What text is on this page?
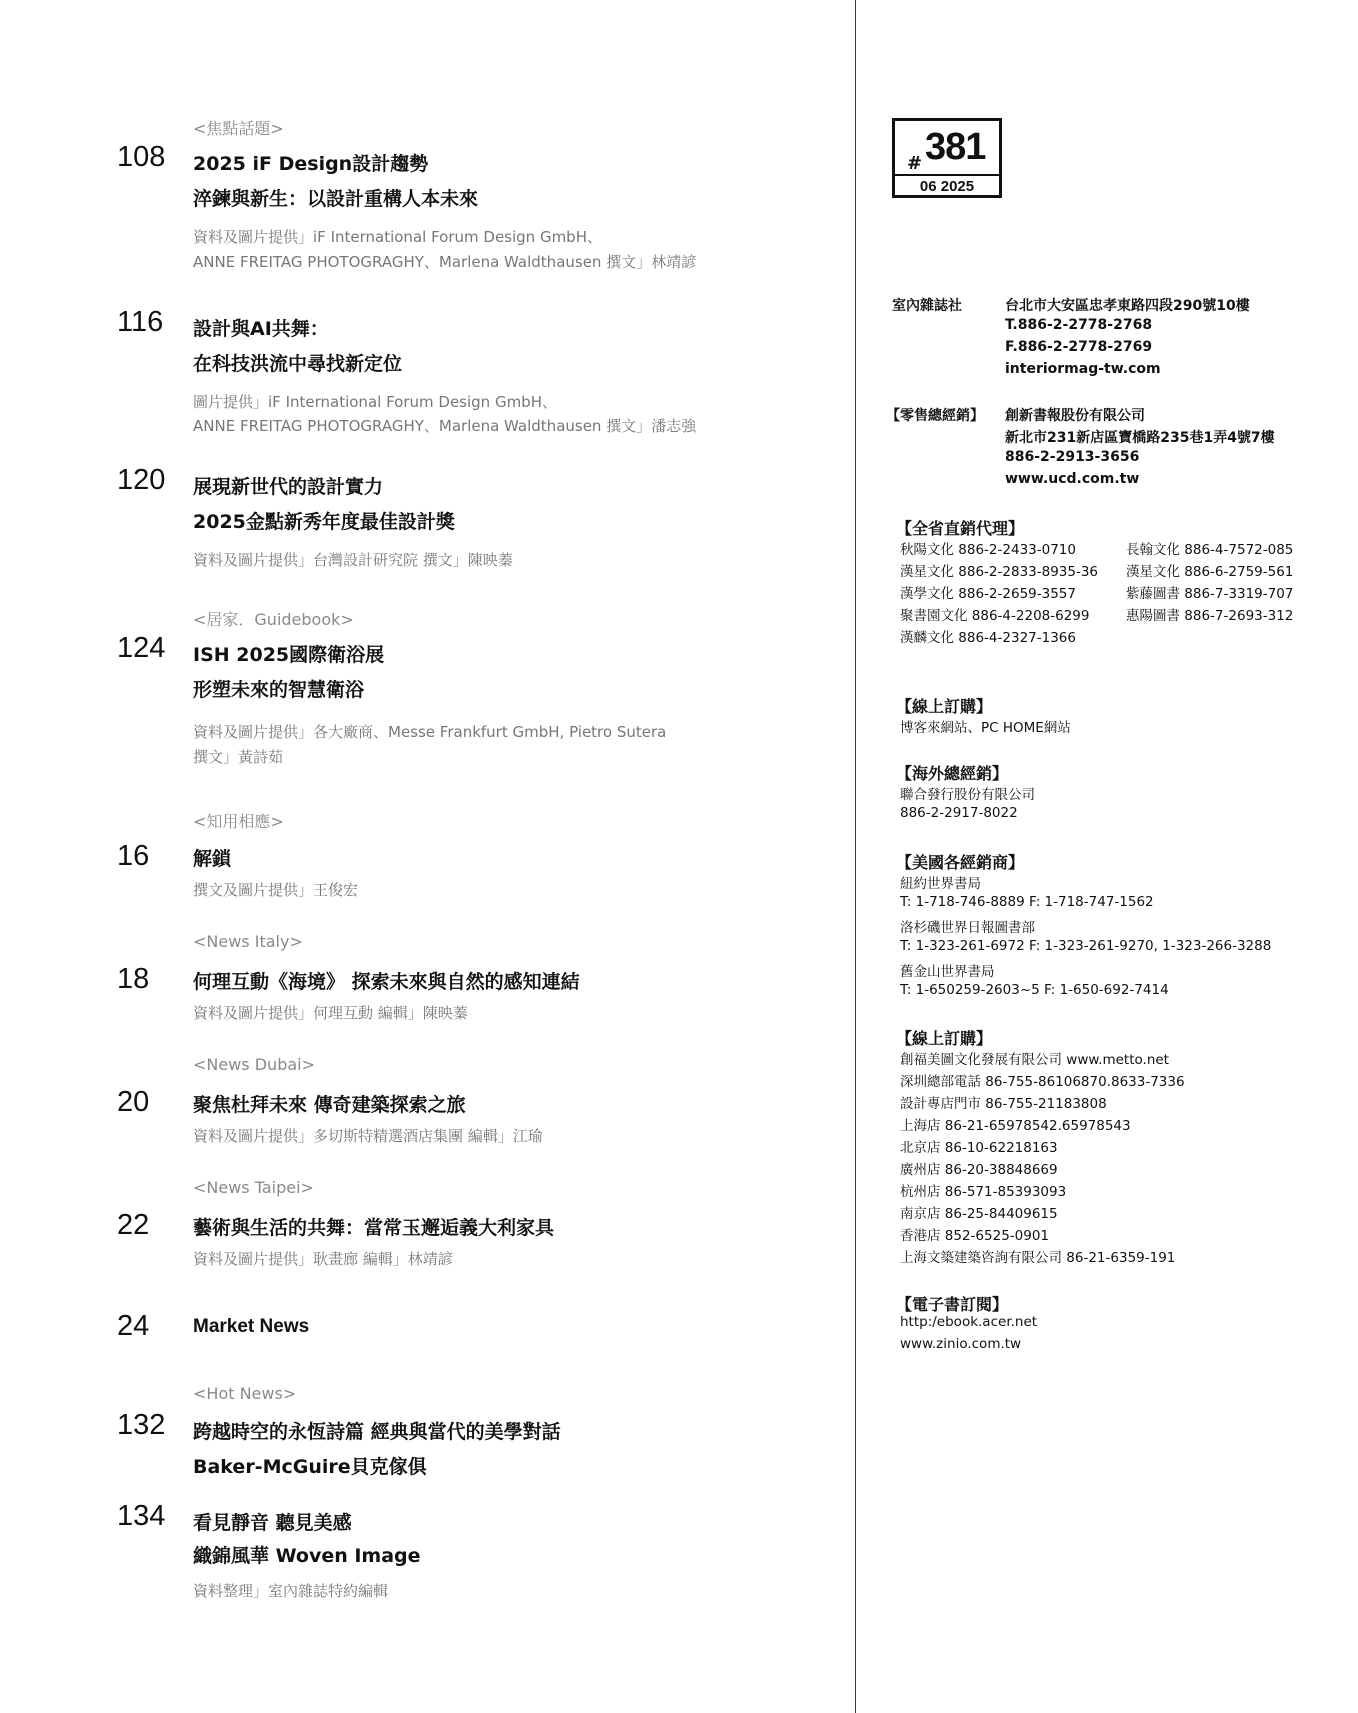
<焦點話題>
108 2025 iF Design設計趨勢
淬鍊與新生：以設計重構人本未來
資料及圖片提供」iF International Forum Design GmbH、
ANNE FREITAG PHOTOGRAGHY、Marlena Waldthausen 撰文」林靖諺
116 設計與AI共舞：
在科技洪流中尋找新定位
圖片提供」iF International Forum Design GmbH、
ANNE FREITAG PHOTOGRAGHY、Marlena Waldthausen 撰文」潘志強
120 展現新世代的設計實力
2025金點新秀年度最佳設計獎
資料及圖片提供」台灣設計研究院 撰文」陳映蓁
<居家．Guidebook>
124 ISH 2025國際衛浴展
形塑未來的智慧衛浴
資料及圖片提供」各大廠商、Messe Frankfurt GmbH, Pietro Sutera
撰文」黃詩茹
<知用相應>
16 解鎖
撰文及圖片提供」王俊宏
<News Italy>
18 何理互動《海境》 探索未來與自然的感知連結
資料及圖片提供」何理互動 編輯」陳映蓁
<News Dubai>
20 聚焦杜拜未來 傳奇建築探索之旅
資料及圖片提供」多切斯特精選酒店集團 編輯」江瑜
<News Taipei>
22 藝術與生活的共舞：當常玉邂逅義大利家具
資料及圖片提供」耿畫廊 編輯」林靖諺
24 Market News
<Hot News>
132 跨越時空的永恆詩篇 經典與當代的美學對話
Baker-McGuire貝克傢俱
134 看見靜音 聽見美感
織錦風華 Woven Image
資料整理」室內雜誌特約編輯
# 381
06 2025
室內雜誌社	台北市大安區忠孝東路四段290號10樓
T.886-2-2778-2768
F.886-2-2778-2769
interiormag-tw.com
【零售總經銷】 創新書報股份有限公司
新北市231新店區寶橋路235巷1弄4號7樓
886-2-2913-3656
www.ucd.com.tw
【全省直銷代理】
秋陽文化 886-2-2433-0710
漢星文化 886-2-2833-8935-36
漢學文化 886-2-2659-3557
聚書園文化 886-4-2208-6299
漢麟文化 886-4-2327-1366
長翰文化 886-4-7572-085
漢星文化 886-6-2759-561
紫藤圖書 886-7-3319-707
惠陽圖書 886-7-2693-312
【線上訂購】
博客來網站、PC HOME網站
【海外總經銷】
聯合發行股份有限公司
886-2-2917-8022
【美國各經銷商】
紐約世界書局
T: 1-718-746-8889 F: 1-718-747-1562
洛杉磯世界日報圖書部
T: 1-323-261-6972 F: 1-323-261-9270, 1-323-266-3288
舊金山世界書局
T: 1-650259-2603~5 F: 1-650-692-7414
【線上訂購】
創福美圖文化發展有限公司 www.metto.net
深圳總部電話 86-755-86106870.8633-7336
設計專店門市 86-755-21183808
上海店 86-21-65978542.65978543
北京店 86-10-62218163
廣州店 86-20-38848669
杭州店 86-571-85393093
南京店 86-25-84409615
香港店 852-6525-0901
上海文築建築咨詢有限公司 86-21-6359-191
【電子書訂閱】
http:/ebook.acer.net
www.zinio.com.tw
